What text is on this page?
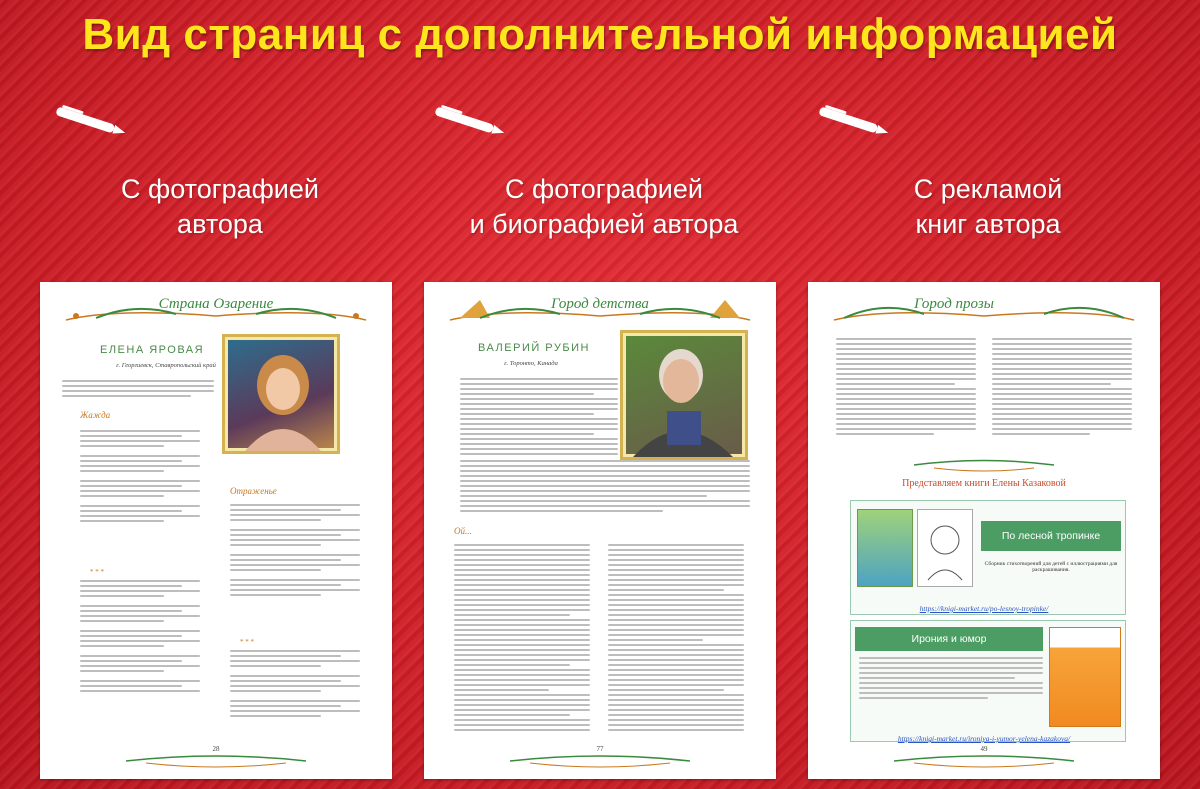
Вид страниц с дополнительной информацией
С фотографией
автора
С фотографией
и биографией автора
С рекламой
книг автора
Страна Озарение
ЕЛЕНА ЯРОВАЯ
г. Георгиевск, Ставропольский край
Жажда
* * *
Отраженье
* * *
28
Город детства
ВАЛЕРИЙ РУБИН
г. Торонто, Канада
Ой...
77
Город прозы
Представляем книги Елены Казаковой
По лесной тропинке
Сборник стихотворений для детей с иллюстрациями для раскрашивания.
https://knigi-market.ru/po-lesnoy-tropinke/
Ирония и юмор
https://knigi-market.ru/ironiya-i-yumor-yelena-kazakova/
49
